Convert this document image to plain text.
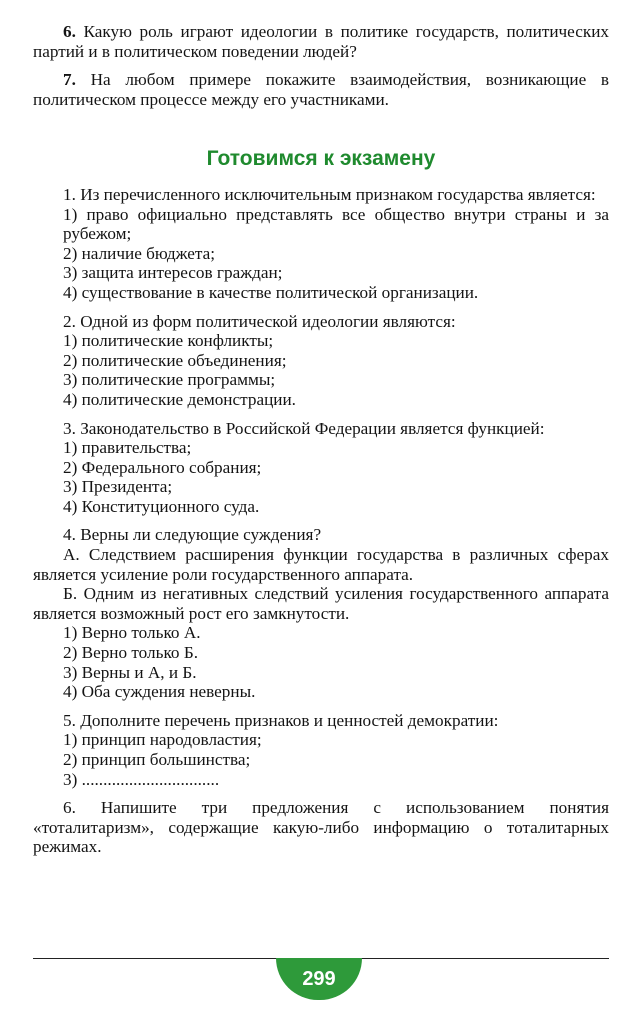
6. Какую роль играют идеологии в политике государств, политических партий и в политическом поведении людей?

7. На любом примере покажите взаимодействия, возникающие в политическом процессе между его участниками.

Готовимся к экзамену

1. Из перечисленного исключительным признаком государства является:

1) право официально представлять все общество внутри страны и за рубежом;

2) наличие бюджета;

3) защита интересов граждан;

4) существование в качестве политической организации.

2. Одной из форм политической идеологии являются:

1) политические конфликты;

2) политические объединения;

3) политические программы;

4) политические демонстрации.

3. Законодательство в Российской Федерации является функцией:

1) правительства;

2) Федерального собрания;

3) Президента;

4) Конституционного суда.

4. Верны ли следующие суждения?

А. Следствием расширения функции государства в различных сферах является усиление роли государственного аппарата.

Б. Одним из негативных следствий усиления государственного аппарата является возможный рост его замкнутости.

1) Верно только А.

2) Верно только Б.

3) Верны и А, и Б.

4) Оба суждения неверны.

5. Дополните перечень признаков и ценностей демократии:

1) принцип народовластия;

2) принцип большинства;

3) ................................

6. Напишите три предложения с использованием понятия «тоталитаризм», содержащие какую-либо информацию о тоталитарных режимах.

299
